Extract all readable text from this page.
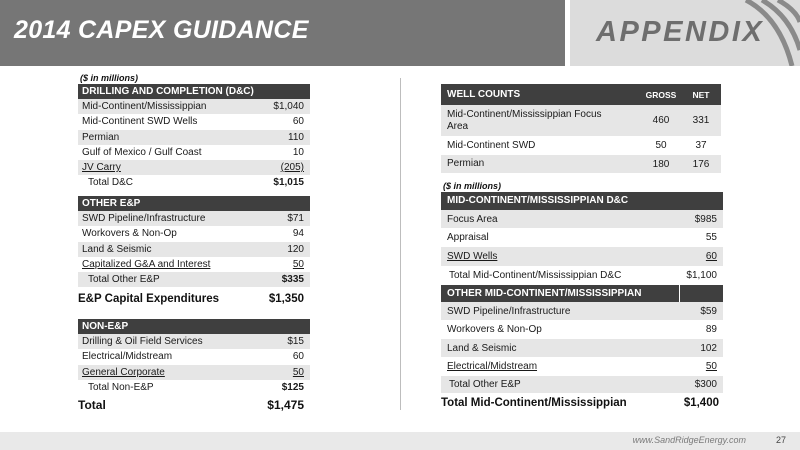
2014 CAPEX GUIDANCE	APPENDIX
($ in millions)
DRILLING AND COMPLETION (D&C)
Mid-Continent/Mississippian	$1,040
Mid-Continent SWD Wells	60
Permian	110
Gulf of Mexico / Gulf Coast	10
JV Carry	(205)
Total D&C	$1,015
OTHER E&P
SWD Pipeline/Infrastructure	$71
Workovers & Non-Op	94
Land & Seismic	120
Capitalized G&A and Interest	50
Total Other E&P	$335
E&P Capital Expenditures	$1,350
NON-E&P
Drilling & Oil Field Services	$15
Electrical/Midstream	60
General Corporate	50
Total Non-E&P	$125
Total	$1,475
WELL COUNTS	GROSS	NET
Mid-Continent/Mississippian Focus Area	460	331
Mid-Continent SWD	50	37
Permian	180	176
($ in millions)
MID-CONTINENT/MISSISSIPPIAN D&C
Focus Area	$985
Appraisal	55
SWD Wells	60
Total Mid-Continent/Mississippian D&C	$1,100
OTHER MID-CONTINENT/MISSISSIPPIAN
SWD Pipeline/Infrastructure	$59
Workovers & Non-Op	89
Land & Seismic	102
Electrical/Midstream	50
Total Other E&P	$300
Total Mid-Continent/Mississippian	$1,400
www.SandRidgeEnergy.com	27
